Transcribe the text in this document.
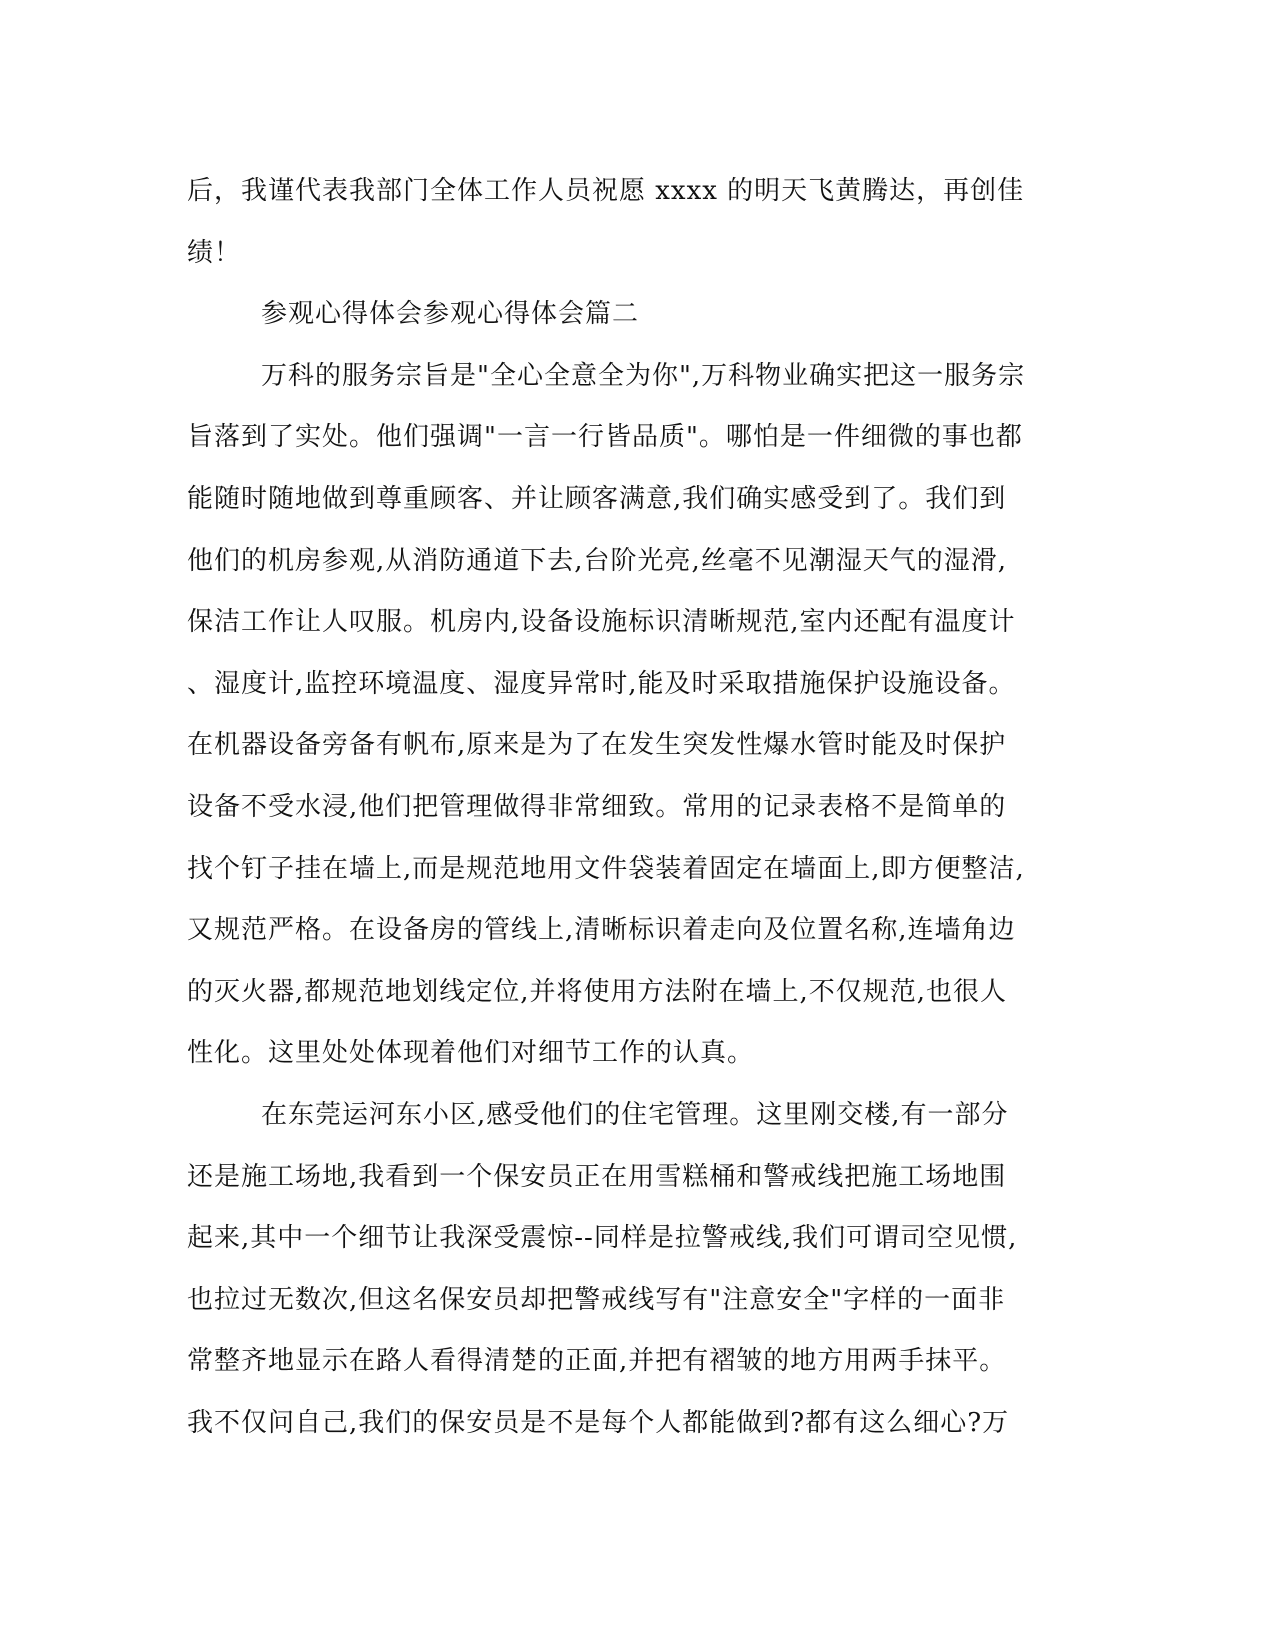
后，我谨代表我部门全体工作人员祝愿 xxxx 的明天飞黄腾达，再创佳
绩！
参观心得体会参观心得体会篇二
万科的服务宗旨是"全心全意全为你",万科物业确实把这一服务宗
旨落到了实处。他们强调"一言一行皆品质"。哪怕是一件细微的事也都
能随时随地做到尊重顾客、并让顾客满意,我们确实感受到了。我们到
他们的机房参观,从消防通道下去,台阶光亮,丝毫不见潮湿天气的湿滑,
保洁工作让人叹服。机房内,设备设施标识清晰规范,室内还配有温度计
、湿度计,监控环境温度、湿度异常时,能及时采取措施保护设施设备。
在机器设备旁备有帆布,原来是为了在发生突发性爆水管时能及时保护
设备不受水浸,他们把管理做得非常细致。常用的记录表格不是简单的
找个钉子挂在墙上,而是规范地用文件袋装着固定在墙面上,即方便整洁,
又规范严格。在设备房的管线上,清晰标识着走向及位置名称,连墙角边
的灭火器,都规范地划线定位,并将使用方法附在墙上,不仅规范,也很人
性化。这里处处体现着他们对细节工作的认真。
在东莞运河东小区,感受他们的住宅管理。这里刚交楼,有一部分
还是施工场地,我看到一个保安员正在用雪糕桶和警戒线把施工场地围
起来,其中一个细节让我深受震惊--同样是拉警戒线,我们可谓司空见惯,
也拉过无数次,但这名保安员却把警戒线写有"注意安全"字样的一面非
常整齐地显示在路人看得清楚的正面,并把有褶皱的地方用两手抹平。
我不仅问自己,我们的保安员是不是每个人都能做到?都有这么细心?万
